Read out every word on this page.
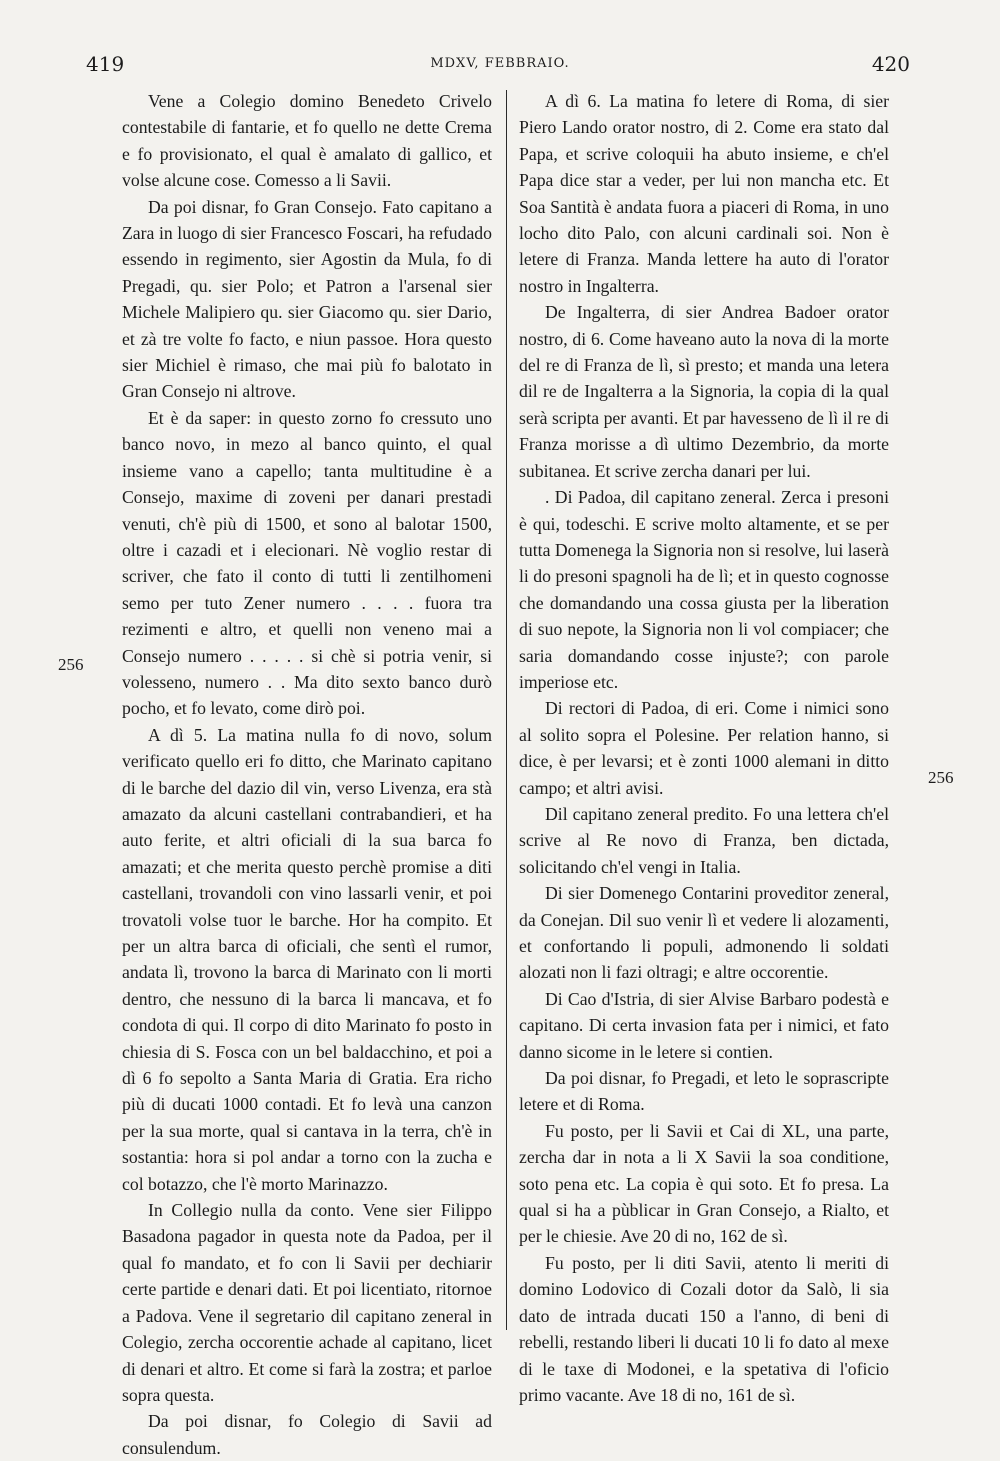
419	MDXV, FEBBRAIO.	420
256
256

Vene a Colegio domino Benedeto Crivelo contestabile di fantarie, et fo quello ne dette Crema e fo provisionato, el qual è amalato di gallico, et volse alcune cose. Comesso a li Savii.

Da poi disnar, fo Gran Consejo. Fato capitano a Zara in luogo di sier Francesco Foscari, ha refudado essendo in regimento, sier Agostin da Mula, fo di Pregadi, qu. sier Polo; et Patron a l'arsenal sier Michele Malipiero qu. sier Giacomo qu. sier Dario, et zà tre volte fo facto, e niun passoe. Hora questo sier Michiel è rimaso, che mai più fo balotato in Gran Consejo ni altrove.

Et è da saper: in questo zorno fo cressuto uno banco novo, in mezo al banco quinto, el qual insieme vano a capello; tanta multitudine è a Consejo, maxime di zoveni per danari prestadi venuti, ch'è più di 1500, et sono al balotar 1500, oltre i cazadi et i elecionari. Nè voglio restar di scriver, che fato il conto di tutti li zentilhomeni semo per tuto Zener numero . . . . fuora tra rezimenti e altro, et quelli non veneno mai a Consejo numero . . . . . si chè si potria venir, si volesseno, numero . . Ma dito sexto banco durò pocho, et fo levato, come dirò poi.

A dì 5. La matina nulla fo di novo, solum verificato quello eri fo ditto, che Marinato capitano di le barche del dazio dil vin, verso Livenza, era stà amazato da alcuni castellani contrabandieri, et ha auto ferite, et altri oficiali di la sua barca fo amazati; et che merita questo perchè promise a diti castellani, trovandoli con vino lassarli venir, et poi trovatoli volse tuor le barche. Hor ha compito. Et per un altra barca di oficiali, che sentì el rumor, andata lì, trovono la barca di Marinato con li morti dentro, che nessuno di la barca li mancava, et fo condota di qui. Il corpo di dito Marinato fo posto in chiesia di S. Fosca con un bel baldacchino, et poi a dì 6 fo sepolto a Santa Maria di Gratia. Era richo più di ducati 1000 contadi. Et fo levà una canzon per la sua morte, qual si cantava in la terra, ch'è in sostantia: hora si pol andar a torno con la zucha e col botazzo, che l'è morto Marinazzo.

In Collegio nulla da conto. Vene sier Filippo Basadona pagador in questa note da Padoa, per il qual fo mandato, et fo con li Savii per dechiarir certe partide e denari dati. Et poi licentiato, ritornoe a Padova. Vene il segretario dil capitano zeneral in Colegio, zercha occorentie achade al capitano, licet di denari et altro. Et come si farà la zostra; et parloe sopra questa.

Da poi disnar, fo Colegio di Savii ad consulendum.

A dì 6. La matina fo letere di Roma, di sier Piero Lando orator nostro, di 2. Come era stato dal Papa, et scrive coloquii ha abuto insieme, e ch'el Papa dice star a veder, per lui non mancha etc. Et Soa Santità è andata fuora a piaceri di Roma, in uno locho dito Palo, con alcuni cardinali soi. Non è letere di Franza. Manda lettere ha auto di l'orator nostro in Ingalterra.

De Ingalterra, di sier Andrea Badoer orator nostro, di 6. Come haveano auto la nova di la morte del re di Franza de lì, sì presto; et manda una letera dil re de Ingalterra a la Signoria, la copia di la qual serà scripta per avanti. Et par havesseno de lì il re di Franza morisse a dì ultimo Dezembrio, da morte subitanea. Et scrive zercha danari per lui.

. Di Padoa, dil capitano zeneral. Zerca i presoni è qui, todeschi. E scrive molto altamente, et se per tutta Domenega la Signoria non si resolve, lui laserà li do presoni spagnoli ha de lì; et in questo cognosse che domandando una cossa giusta per la liberation di suo nepote, la Signoria non li vol compiacer; che saria domandando cosse injuste?; con parole imperiose etc.

Di rectori di Padoa, di eri. Come i nimici sono al solito sopra el Polesine. Per relation hanno, si dice, è per levarsi; et è zonti 1000 alemani in ditto campo; et altri avisi.

Dil capitano zeneral predito. Fo una lettera ch'el scrive al Re novo di Franza, ben dictada, solicitando ch'el vengi in Italia.

Di sier Domenego Contarini proveditor zeneral, da Conejan. Dil suo venir lì et vedere li alozamenti, et confortando li populi, admonendo li soldati alozati non li fazi oltragi; e altre occorentie.

Di Cao d'Istria, di sier Alvise Barbaro podestà e capitano. Di certa invasion fata per i nimici, et fato danno sicome in le letere si contien.

Da poi disnar, fo Pregadi, et leto le soprascripte letere et di Roma.

Fu posto, per li Savii et Cai di XL, una parte, zercha dar in nota a li X Savii la soa conditione, soto pena etc. La copia è qui soto. Et fo presa. La qual si ha a pùblicar in Gran Consejo, a Rialto, et per le chiesie. Ave 20 di no, 162 de sì.

Fu posto, per li diti Savii, atento li meriti di domino Lodovico di Cozali dotor da Salò, li sia dato de intrada ducati 150 a l'anno, di beni di rebelli, restando liberi li ducati 10 li fo dato al mexe di le taxe di Modonei, e la spetativa di l'oficio primo vacante. Ave 18 di no, 161 de sì.
